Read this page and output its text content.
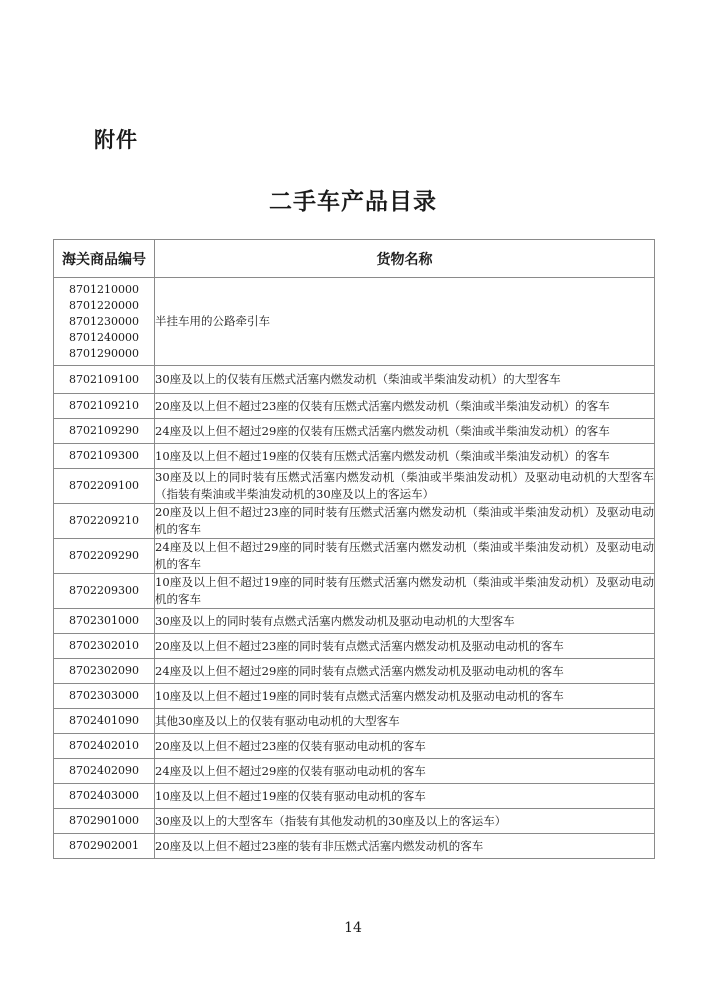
附件
二手车产品目录
海关商品编号	货物名称

8701210000
8701220000
8701230000
8701240000
8701290000	半挂车用的公路牵引车

8702109100	30座及以上的仅装有压燃式活塞内燃发动机（柴油或半柴油发动机）的大型客车

8702109210	20座及以上但不超过23座的仅装有压燃式活塞内燃发动机（柴油或半柴油发动机）的客车

8702109290	24座及以上但不超过29座的仅装有压燃式活塞内燃发动机（柴油或半柴油发动机）的客车

8702109300	10座及以上但不超过19座的仅装有压燃式活塞内燃发动机（柴油或半柴油发动机）的客车

8702209100	30座及以上的同时装有压燃式活塞内燃发动机（柴油或半柴油发动机）及驱动电动机的大型客车（指装有柴油或半柴油发动机的30座及以上的客运车）

8702209210	20座及以上但不超过23座的同时装有压燃式活塞内燃发动机（柴油或半柴油发动机）及驱动电动机的客车

8702209290	24座及以上但不超过29座的同时装有压燃式活塞内燃发动机（柴油或半柴油发动机）及驱动电动机的客车

8702209300	10座及以上但不超过19座的同时装有压燃式活塞内燃发动机（柴油或半柴油发动机）及驱动电动机的客车

8702301000	30座及以上的同时装有点燃式活塞内燃发动机及驱动电动机的大型客车

8702302010	20座及以上但不超过23座的同时装有点燃式活塞内燃发动机及驱动电动机的客车

8702302090	24座及以上但不超过29座的同时装有点燃式活塞内燃发动机及驱动电动机的客车

8702303000	10座及以上但不超过19座的同时装有点燃式活塞内燃发动机及驱动电动机的客车

8702401090	其他30座及以上的仅装有驱动电动机的大型客车

8702402010	20座及以上但不超过23座的仅装有驱动电动机的客车

8702402090	24座及以上但不超过29座的仅装有驱动电动机的客车

8702403000	10座及以上但不超过19座的仅装有驱动电动机的客车

8702901000	30座及以上的大型客车（指装有其他发动机的30座及以上的客运车）

8702902001	20座及以上但不超过23座的装有非压燃式活塞内燃发动机的客车
14
